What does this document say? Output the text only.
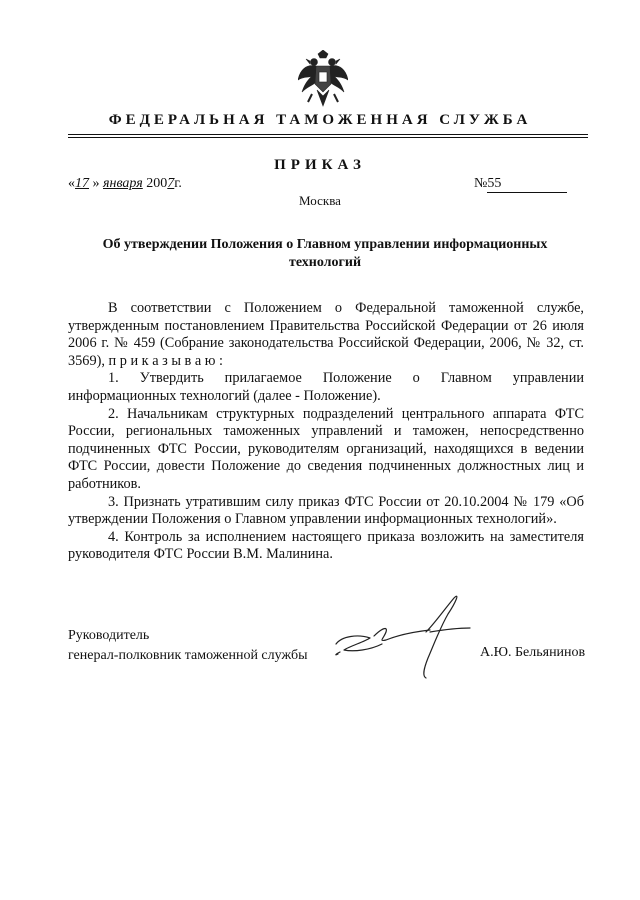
ФЕДЕРАЛЬНАЯ ТАМОЖЕННАЯ СЛУЖБА
ПРИКАЗ
«17 » января 2007г.	№55
Москва
Об утверждении Положения о Главном управлении информационных технологий

В соответствии с Положением о Федеральной таможенной службе, утвержденным постановлением Правительства Российской Федерации от 26 июля 2006 г. № 459 (Собрание законодательства Российской Федерации, 2006, № 32, ст. 3569), п р и к а з ы в а ю :

1. Утвердить прилагаемое Положение о Главном управлении информационных технологий (далее - Положение).

2. Начальникам структурных подразделений центрального аппарата ФТС России, региональных таможенных управлений и таможен, непосредственно подчиненных ФТС России, руководителям организаций, находящихся в ведении ФТС России, довести Положение до сведения подчиненных должностных лиц и работников.

3. Признать утратившим силу приказ ФТС России от 20.10.2004 № 179 «Об утверждении Положения о Главном управлении информационных технологий».

4. Контроль за исполнением настоящего приказа возложить на заместителя руководителя ФТС России В.М. Малинина.

Руководитель
генерал-полковник таможенной службы	А.Ю. Бельянинов
